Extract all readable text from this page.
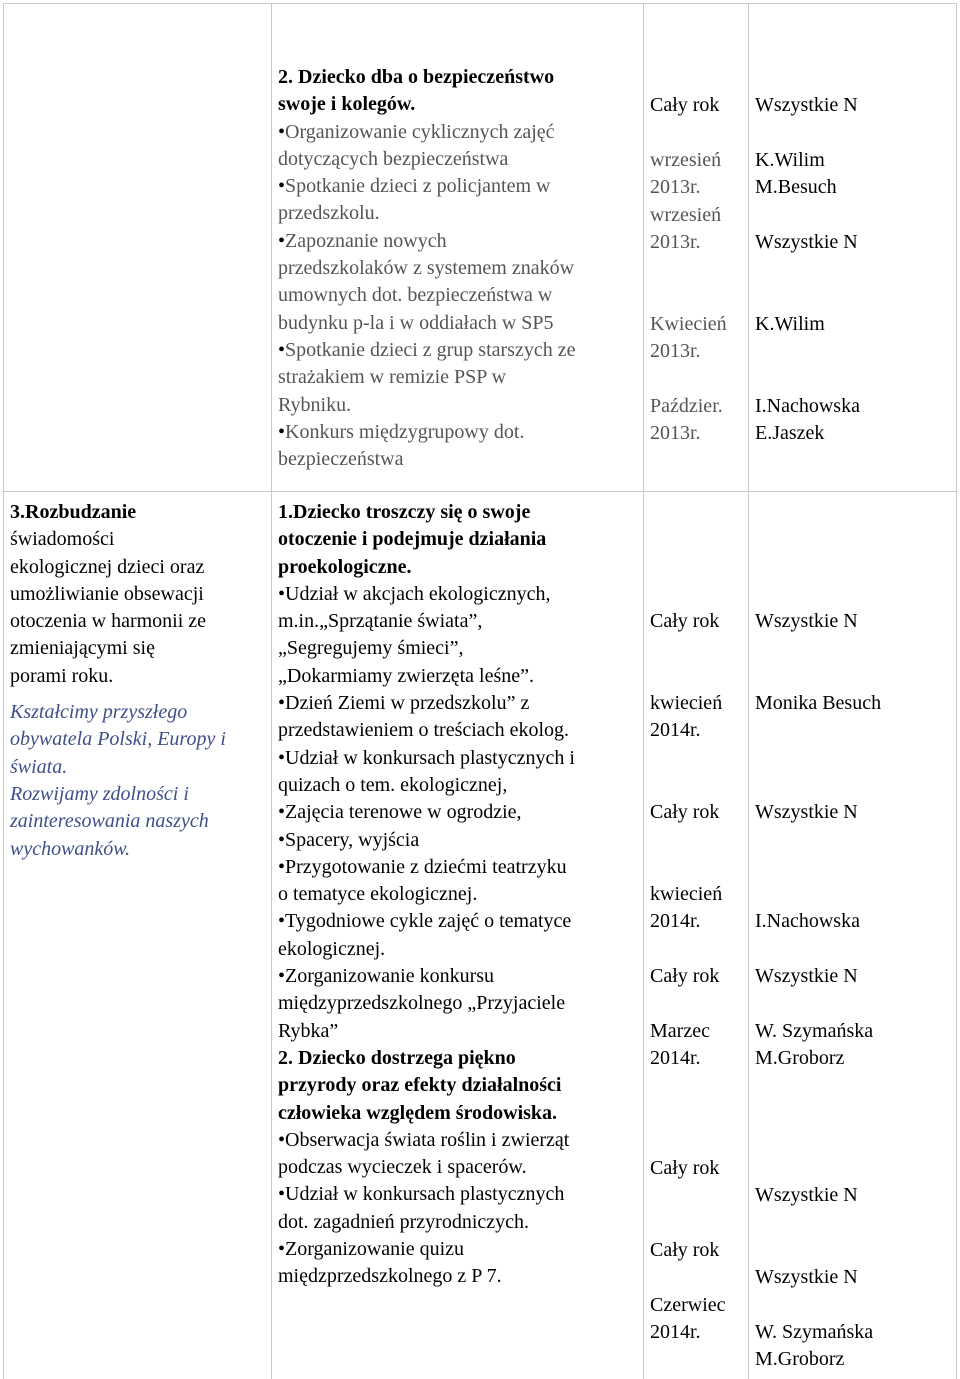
3.Rozbudzanie
świadomości
ekologicznej dzieci oraz
umożliwianie obsewacji
otoczenia w harmonii ze
zmieniającymi się
porami roku.
Kształcimy przyszłego
obywatela Polski, Europy i
świata.
Rozwijamy zdolności i
zainteresowania naszych
wychowanków.
2. Dziecko dba o bezpieczeństwo
swoje i kolegów.
• Organizowanie cyklicznych zajęć
dotyczących bezpieczeństwa
• Spotkanie dzieci z policjantem w
przedszkolu.
• Zapoznanie nowych
przedszkolaków z systemem znaków
umownych dot. bezpieczeństwa w
budynku p-la i w oddiałach w SP5
• Spotkanie dzieci z grup starszych ze
strażakiem w remizie PSP w
Rybniku.
• Konkurs międzygrupowy dot.
bezpieczeństwa
Cały rok
wrzesień
2013r.
wrzesień
2013r.
Kwiecień
2013r.
Paździer.
2013r.
Wszystkie N
K.Wilim
M.Besuch
Wszystkie N
K.Wilim
I.Nachowska
E.Jaszek
1.Dziecko troszczy się o swoje
otoczenie i podejmuje działania
proekologiczne.
• Udział w akcjach ekologicznych,
m.in.„Sprzątanie świata”,
„Segregujemy śmieci”,
„Dokarmiamy zwierzęta leśne”.
• Dzień Ziemi w przedszkolu” z
przedstawieniem o treściach ekolog.
• Udział w konkursach plastycznych i
quizach o tem. ekologicznej,
• Zajęcia terenowe w ogrodzie,
• Spacery, wyjścia
• Przygotowanie z dziećmi teatrzyku
o tematyce ekologicznej.
• Tygodniowe cykle zajęć o tematyce
ekologicznej.
• Zorganizowanie konkursu
międzyprzedszkolnego „Przyjaciele
Rybka”
2. Dziecko dostrzega piękno
przyrody oraz efekty działalności
człowieka względem środowiska.
• Obserwacja świata roślin i zwierząt
podczas wycieczek i spacerów.
• Udział w konkursach plastycznych
dot. zagadnień przyrodniczych.
• Zorganizowanie quizu
międzprzedszkolnego z P 7.
Cały rok
kwiecień
2014r.
Cały rok
kwiecień
2014r.
Cały rok
Marzec
2014r.
Cały rok
Cały rok
Czerwiec
2014r.
Wszystkie N
Monika Besuch
Wszystkie N
I.Nachowska
Wszystkie N
W. Szymańska
M.Groborz
Wszystkie N
Wszystkie N
W. Szymańska
M.Groborz
